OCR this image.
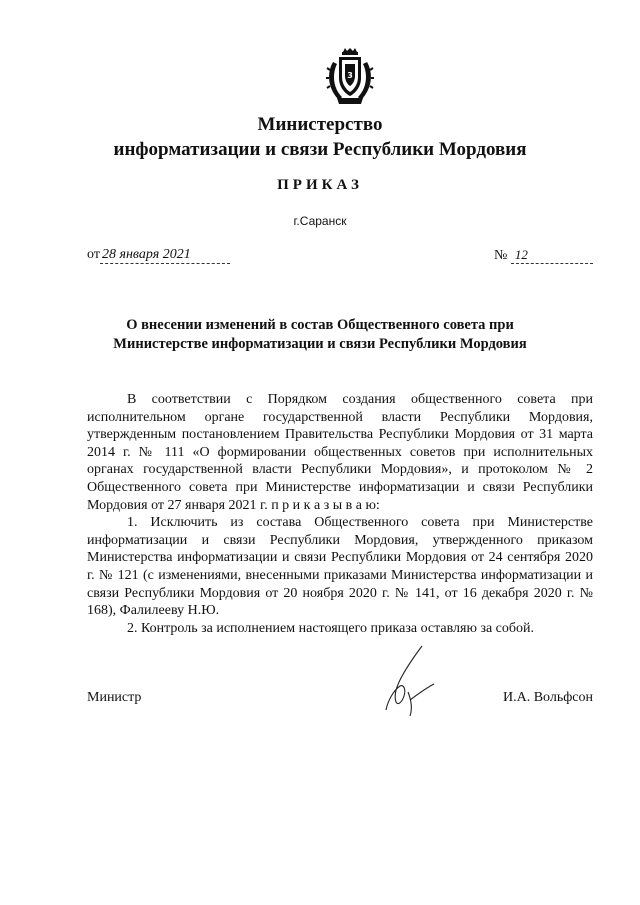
3
Министерство
информатизации и связи Республики Мордовия
ПРИКАЗ
г.Саранск
от 28 января 2021	№ 12
О внесении изменений в состав Общественного совета при
Министерстве информатизации и связи Республики Мордовия

В соответствии с Порядком создания общественного совета при исполнительном органе государственной власти Республики Мордовия, утвержденным постановлением Правительства Республики Мордовия от 31 марта 2014 г. № 111 «О формировании общественных советов при исполнительных органах государственной власти Республики Мордовия», и протоколом № 2 Общественного совета при Министерстве информатизации и связи Республики Мордовия от 27 января 2021 г. п р и к а з ы в а ю:

1. Исключить из состава Общественного совета при Министерстве информатизации и связи Республики Мордовия, утвержденного приказом Министерства информатизации и связи Республики Мордовия от 24 сентября 2020 г. № 121 (с изменениями, внесенными приказами Министерства информатизации и связи Республики Мордовия от 20 ноября 2020 г. № 141, от 16 декабря 2020 г. № 168), Фалилееву Н.Ю.

2. Контроль за исполнением настоящего приказа оставляю за собой.

Министр	И.А. Вольфсон
